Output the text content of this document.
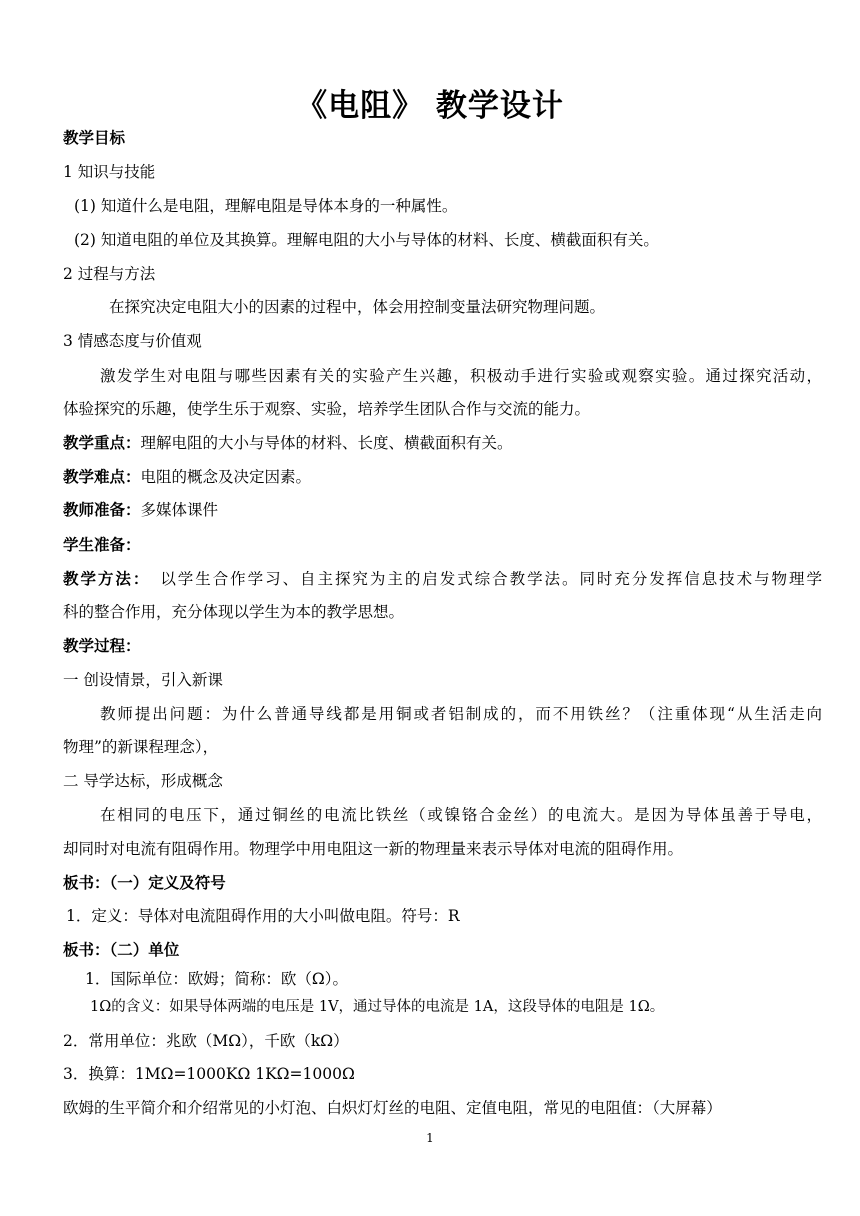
《电阻》 教学设计
教学目标
1 知识与技能
(1) 知道什么是电阻，理解电阻是导体本身的一种属性。
(2) 知道电阻的单位及其换算。理解电阻的大小与导体的材料、长度、横截面积有关。
2 过程与方法
在探究决定电阻大小的因素的过程中，体会用控制变量法研究物理问题。
3 情感态度与价值观
激发学生对电阻与哪些因素有关的实验产生兴趣，积极动手进行实验或观察实验。通过探究活动，
体验探究的乐趣，使学生乐于观察、实验，培养学生团队合作与交流的能力。
教学重点：理解电阻的大小与导体的材料、长度、横截面积有关。
教学难点：电阻的概念及决定因素。
教师准备：多媒体课件
学生准备：
教学方法： 以学生合作学习、自主探究为主的启发式综合教学法。同时充分发挥信息技术与物理学
科的整合作用，充分体现以学生为本的教学思想。
教学过程：
一 创设情景，引入新课
教师提出问题：为什么普通导线都是用铜或者铝制成的，而不用铁丝？（注重体现“从生活走向
物理”的新课程理念），
二 导学达标，形成概念
在相同的电压下，通过铜丝的电流比铁丝（或镍铬合金丝）的电流大。是因为导体虽善于导电，
却同时对电流有阻碍作用。物理学中用电阻这一新的物理量来表示导体对电流的阻碍作用。
板书：（一）定义及符号
1．定义：导体对电流阻碍作用的大小叫做电阻。符号：R
板书：（二）单位
1．国际单位：欧姆；简称：欧（Ω）。
1Ω的含义：如果导体两端的电压是 1V，通过导体的电流是 1A，这段导体的电阻是 1Ω。
2．常用单位：兆欧（MΩ），千欧（kΩ）
3．换算：1MΩ=1000KΩ 1KΩ=1000Ω
欧姆的生平简介和介绍常见的小灯泡、白炽灯灯丝的电阻、定值电阻，常见的电阻值：（大屏幕）
1
